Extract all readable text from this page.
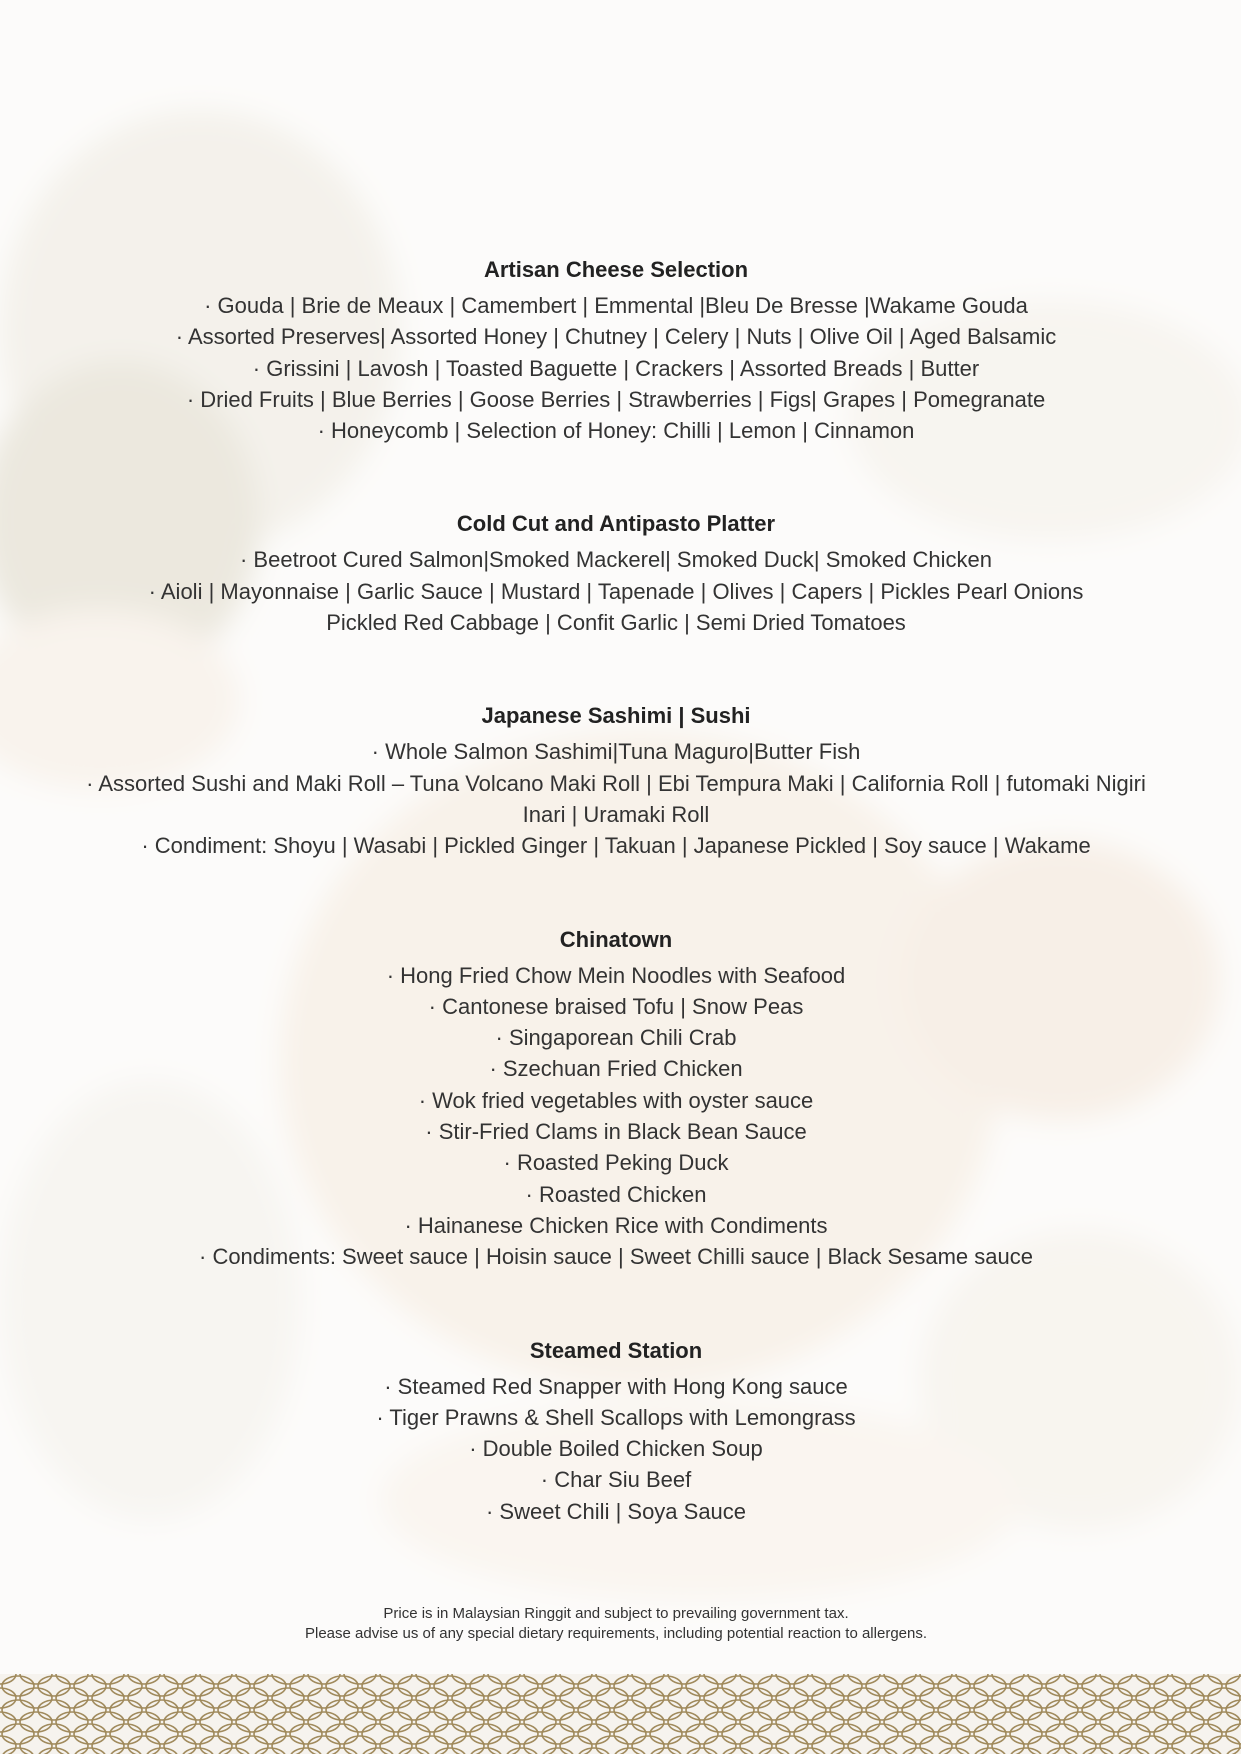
Artisan Cheese Selection

· Gouda | Brie de Meaux | Camembert | Emmental |Bleu De Bresse |Wakame Gouda

· Assorted Preserves| Assorted Honey | Chutney | Celery | Nuts | Olive Oil | Aged Balsamic

· Grissini | Lavosh | Toasted Baguette | Crackers | Assorted Breads | Butter

· Dried Fruits | Blue Berries | Goose Berries | Strawberries | Figs| Grapes | Pomegranate

· Honeycomb | Selection of Honey: Chilli | Lemon | Cinnamon

Cold Cut and Antipasto Platter

· Beetroot Cured Salmon|Smoked Mackerel| Smoked Duck| Smoked Chicken

· Aioli | Mayonnaise | Garlic Sauce | Mustard | Tapenade | Olives | Capers | Pickles Pearl Onions

Pickled Red Cabbage | Confit Garlic | Semi Dried Tomatoes

Japanese Sashimi | Sushi

· Whole Salmon Sashimi|Tuna Maguro|Butter Fish

· Assorted Sushi and Maki Roll – Tuna Volcano Maki Roll | Ebi Tempura Maki | California Roll | futomaki Nigiri

Inari | Uramaki Roll

· Condiment: Shoyu | Wasabi | Pickled Ginger | Takuan | Japanese Pickled | Soy sauce | Wakame

Chinatown

· Hong Fried Chow Mein Noodles with Seafood

· Cantonese braised Tofu | Snow Peas

· Singaporean Chili Crab

· Szechuan Fried Chicken

· Wok fried vegetables with oyster sauce

· Stir-Fried Clams in Black Bean Sauce

· Roasted Peking Duck

· Roasted Chicken

· Hainanese Chicken Rice with Condiments

· Condiments: Sweet sauce | Hoisin sauce | Sweet Chilli sauce | Black Sesame sauce

Steamed Station

· Steamed Red Snapper with Hong Kong sauce

· Tiger Prawns & Shell Scallops with Lemongrass

· Double Boiled Chicken Soup

· Char Siu Beef

· Sweet Chili | Soya Sauce

Price is in Malaysian Ringgit and subject to prevailing government tax.
Please advise us of any special dietary requirements, including potential reaction to allergens.
